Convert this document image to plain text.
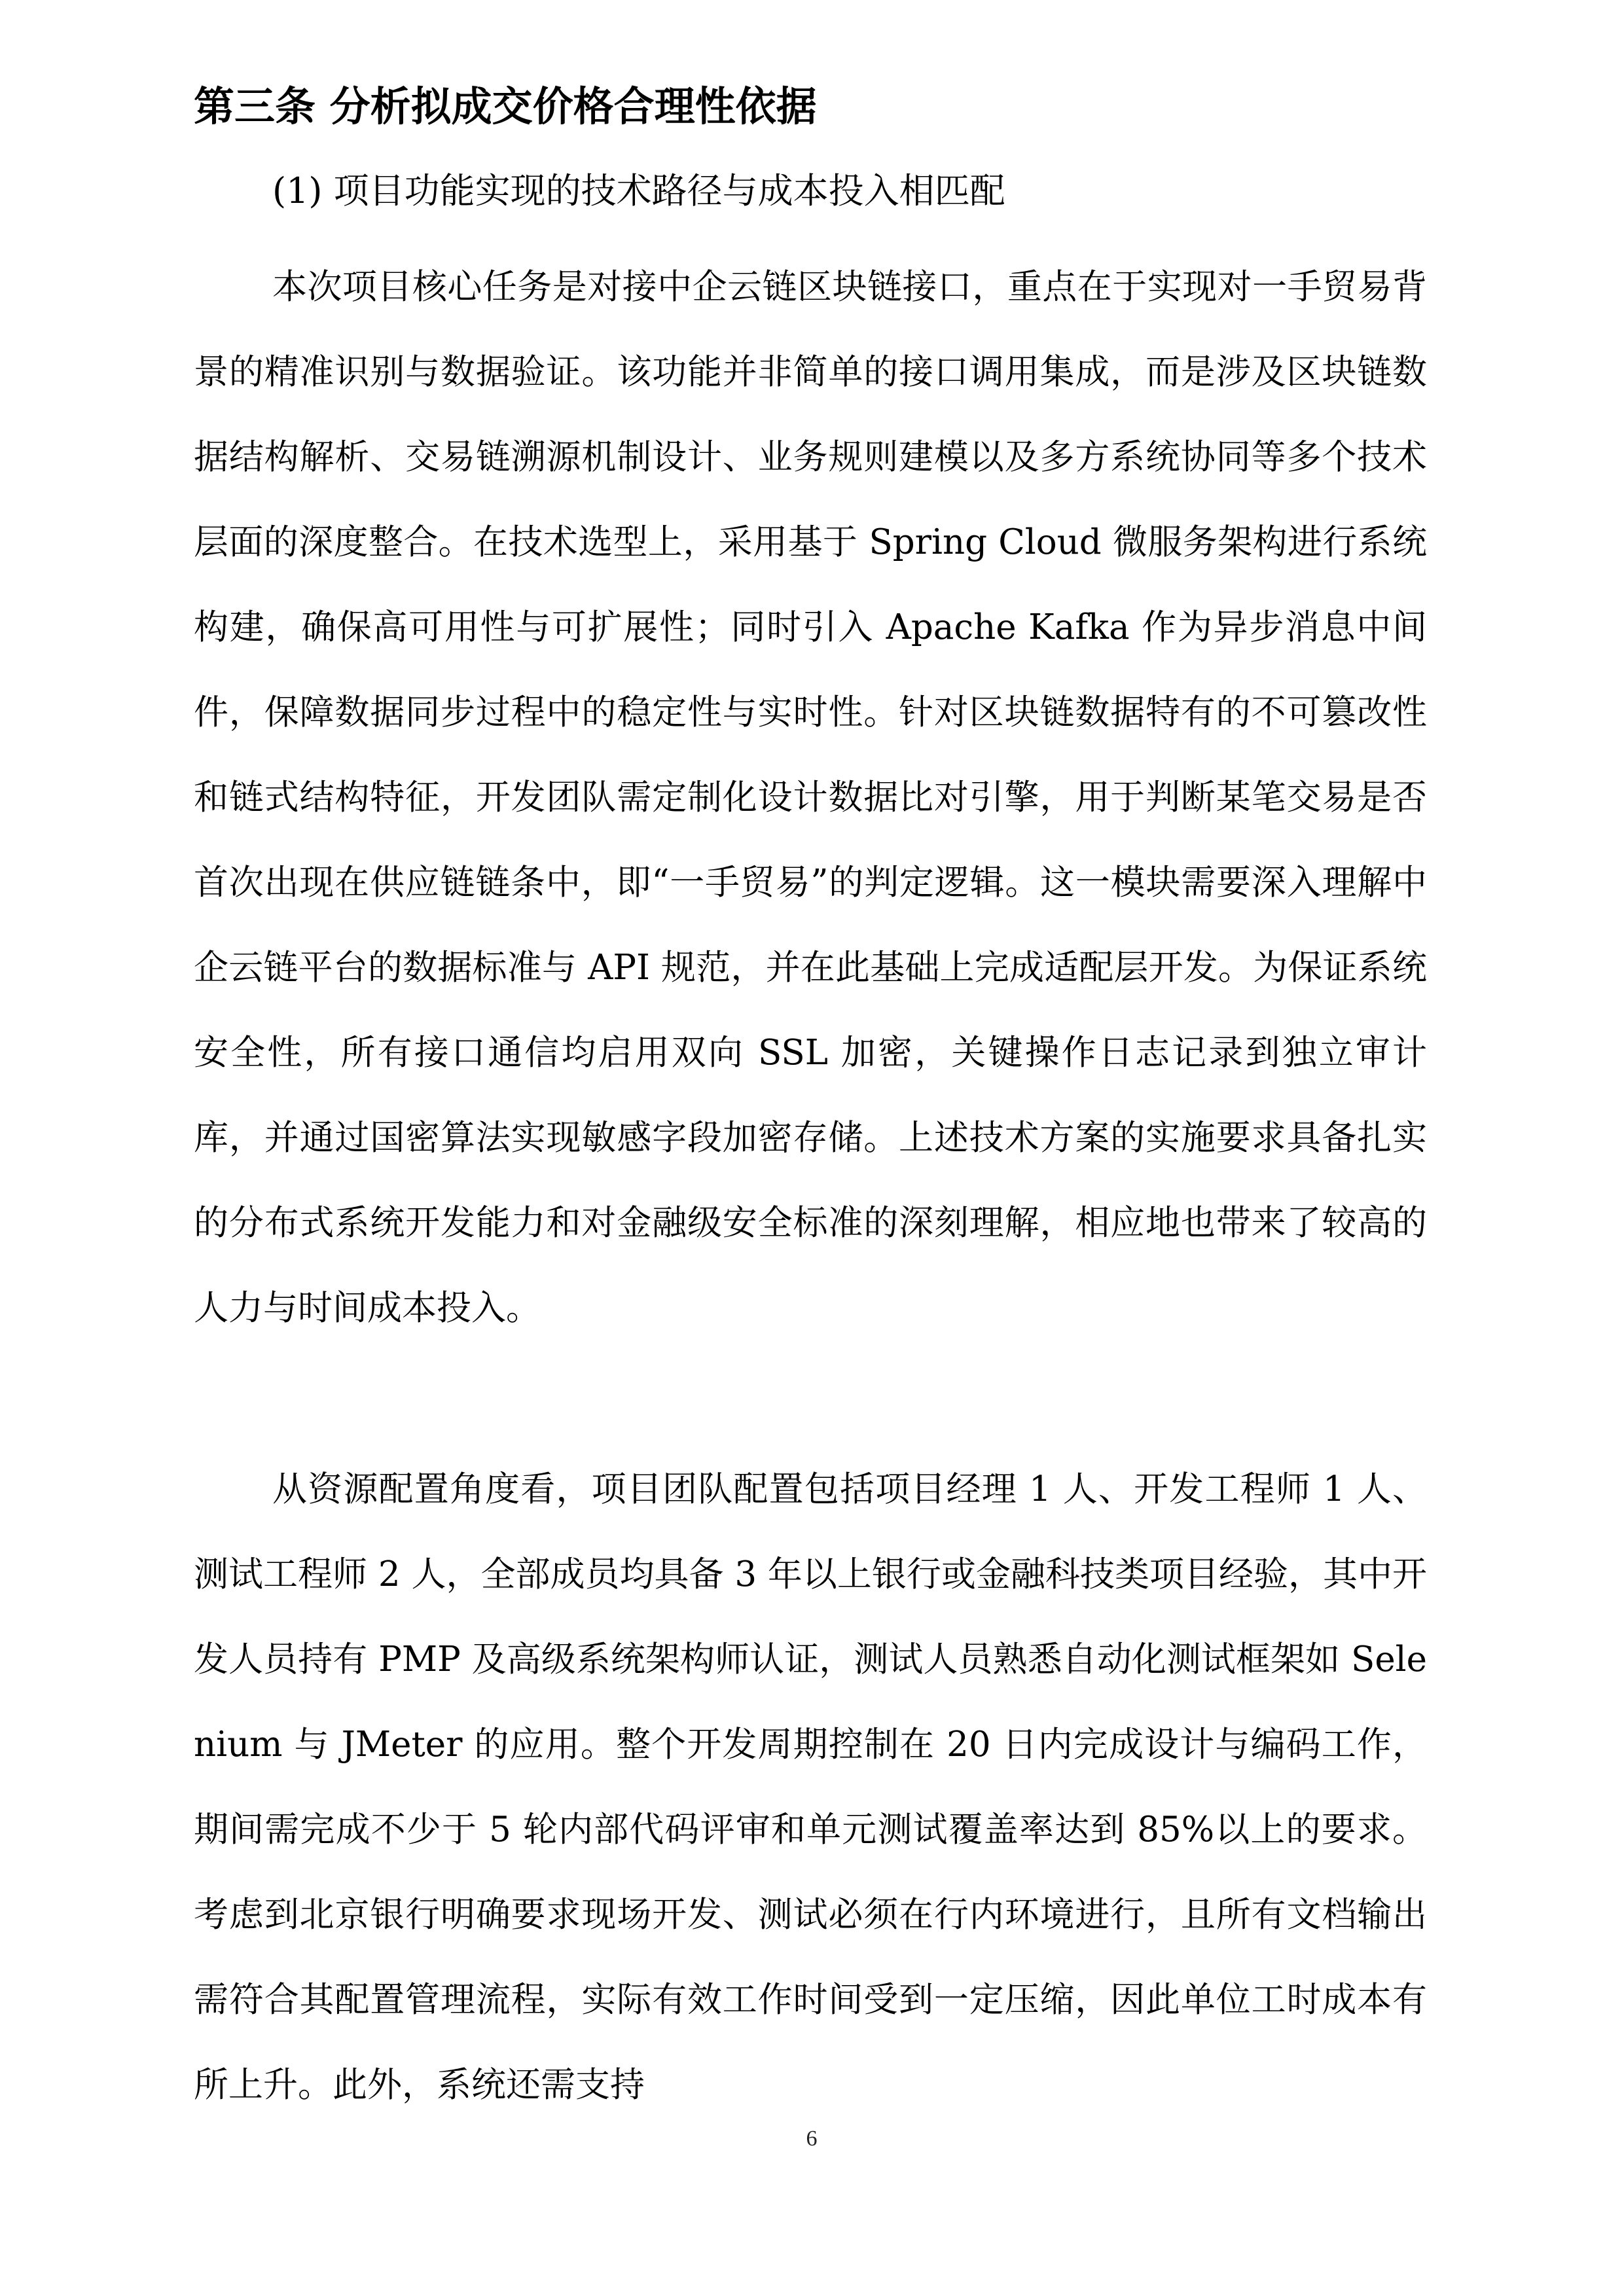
第三条 分析拟成交价格合理性依据
(1) 项目功能实现的技术路径与成本投入相匹配

本次项目核心任务是对接中企云链区块链接口，重点在于实现对一手贸易背景的精准识别与数据验证。该功能并非简单的接口调用集成，而是涉及区块链数据结构解析、交易链溯源机制设计、业务规则建模以及多方系统协同等多个技术层面的深度整合。在技术选型上，采用基于 Spring Cloud 微服务架构进行系统构建，确保高可用性与可扩展性；同时引入 Apache Kafka 作为异步消息中间件，保障数据同步过程中的稳定性与实时性。针对区块链数据特有的不可篡改性和链式结构特征，开发团队需定制化设计数据比对引擎，用于判断某笔交易是否首次出现在供应链链条中，即“一手贸易”的判定逻辑。这一模块需要深入理解中企云链平台的数据标准与 API 规范，并在此基础上完成适配层开发。为保证系统安全性，所有接口通信均启用双向 SSL 加密，关键操作日志记录到独立审计库，并通过国密算法实现敏感字段加密存储。上述技术方案的实施要求具备扎实的分布式系统开发能力和对金融级安全标准的深刻理解，相应地也带来了较高的人力与时间成本投入。

从资源配置角度看，项目团队配置包括项目经理 1 人、开发工程师 1 人、测试工程师 2 人，全部成员均具备 3 年以上银行或金融科技类项目经验，其中开发人员持有 PMP 及高级系统架构师认证，测试人员熟悉自动化测试框架如 Selenium 与 JMeter 的应用。整个开发周期控制在 20 日内完成设计与编码工作，期间需完成不少于 5 轮内部代码评审和单元测试覆盖率达到 85%以上的要求。考虑到北京银行明确要求现场开发、测试必须在行内环境进行，且所有文档输出需符合其配置管理流程，实际有效工作时间受到一定压缩，因此单位工时成本有所上升。此外，系统还需支持

6
